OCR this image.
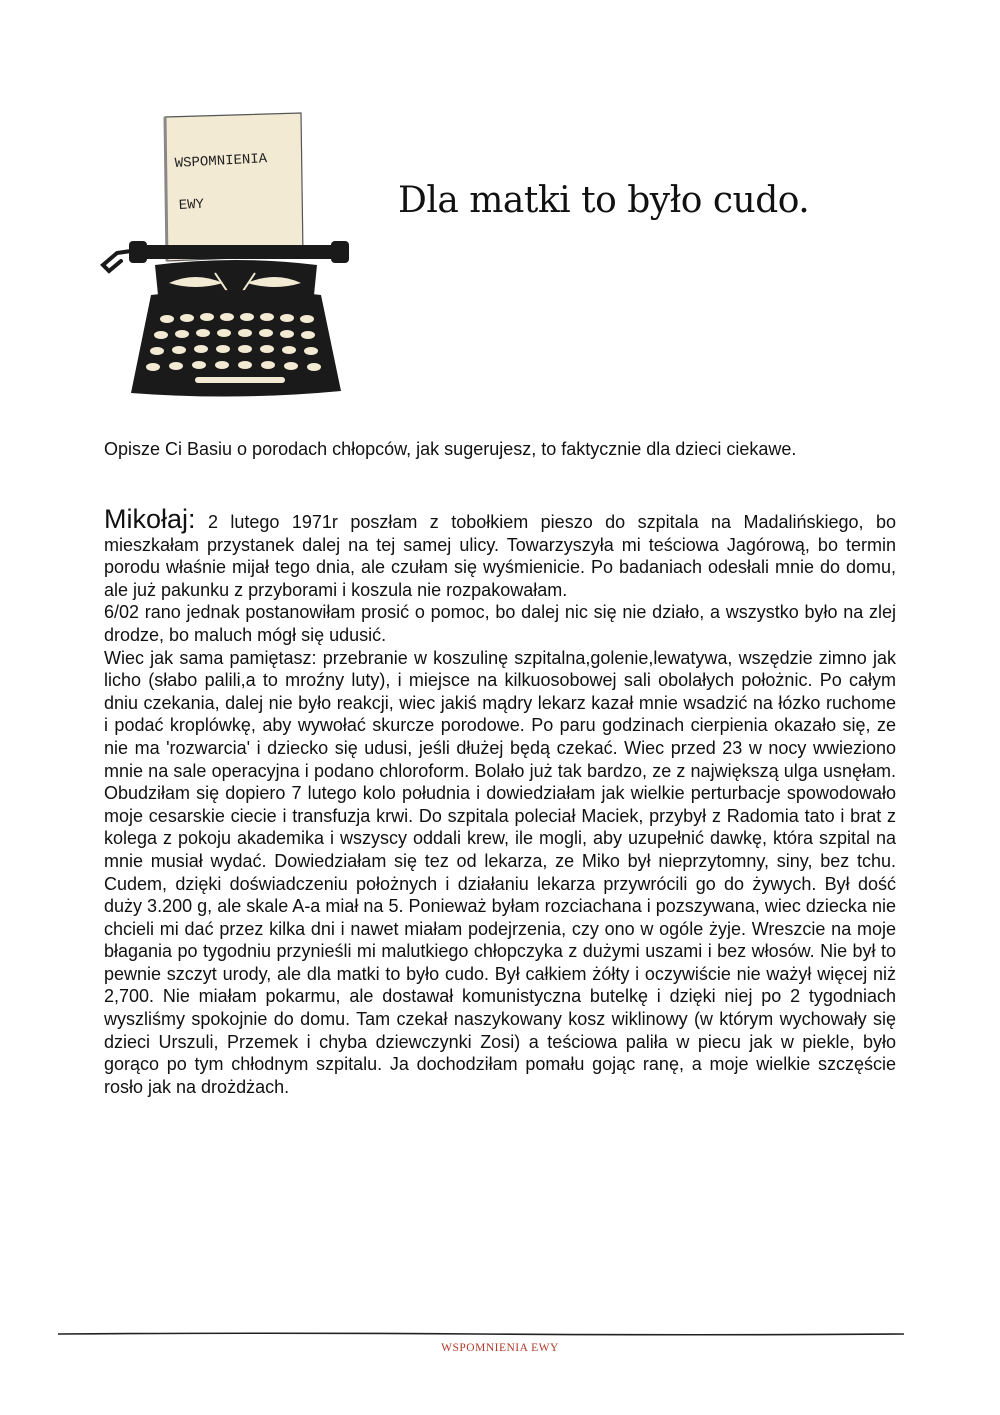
WSPOMNIENIA
EWY	Dla matki to było cudo.
Opisze Ci Basiu o porodach chłopców, jak sugerujesz, to faktycznie dla dzieci ciekawe.

Mikołaj: 2 lutego 1971r poszłam z tobołkiem pieszo do szpitala na Madalińskiego, bo mieszkałam przystanek dalej na tej samej ulicy. Towarzyszyła mi teściowa Jagórową, bo termin porodu właśnie mijał tego dnia, ale czułam się wyśmienicie. Po badaniach odesłali mnie do domu, ale już pakunku z przyborami i koszula nie rozpakowałam.

6/02 rano jednak postanowiłam prosić o pomoc, bo dalej nic się nie działo, a wszystko było na zlej drodze, bo maluch mógł się udusić.

Wiec jak sama pamiętasz: przebranie w koszulinę szpitalna,golenie,lewatywa, wszędzie zimno jak licho (słabo palili,a to mroźny luty), i miejsce na kilkuosobowej sali obolałych położnic. Po całym dniu czekania, dalej nie było reakcji, wiec jakiś mądry lekarz kazał mnie wsadzić na łózko ruchome i podać kroplówkę, aby wywołać skurcze porodowe. Po paru godzinach cierpienia okazało się, ze nie ma 'rozwarcia' i dziecko się udusi, jeśli dłużej będą czekać. Wiec przed 23 w nocy wwieziono mnie na sale operacyjna i podano chloroform. Bolało już tak bardzo, ze z największą ulga usnęłam. Obudziłam się dopiero 7 lutego kolo południa i dowiedziałam jak wielkie perturbacje spowodowało moje cesarskie ciecie i transfuzja krwi. Do szpitala poleciał Maciek, przybył z Radomia tato i brat z kolega z pokoju akademika i wszyscy oddali krew, ile mogli, aby uzupełnić dawkę, która szpital na mnie musiał wydać. Dowiedziałam się tez od lekarza, ze Miko był nieprzytomny, siny, bez tchu. Cudem, dzięki doświadczeniu położnych i działaniu lekarza przywrócili go do żywych. Był dość duży 3.200 g, ale skale A-a miał na 5. Ponieważ byłam rozciachana i pozszywana, wiec dziecka nie chcieli mi dać przez kilka dni i nawet miałam podejrzenia, czy ono w ogóle żyje. Wreszcie na moje błagania po tygodniu przynieśli mi malutkiego chłopczyka z dużymi uszami i bez włosów. Nie był to pewnie szczyt urody, ale dla matki to było cudo. Był całkiem żółty i oczywiście nie ważył więcej niż 2,700. Nie miałam pokarmu, ale dostawał komunistyczna butelkę i dzięki niej po 2 tygodniach wyszliśmy spokojnie do domu. Tam czekał naszykowany kosz wiklinowy (w którym wychowały się dzieci Urszuli, Przemek i chyba dziewczynki Zosi) a teściowa paliła w piecu jak w piekle, było gorąco po tym chłodnym szpitalu. Ja dochodziłam pomału gojąc ranę, a moje wielkie szczęście rosło jak na drożdżach.

WSPOMNIENIA EWY
